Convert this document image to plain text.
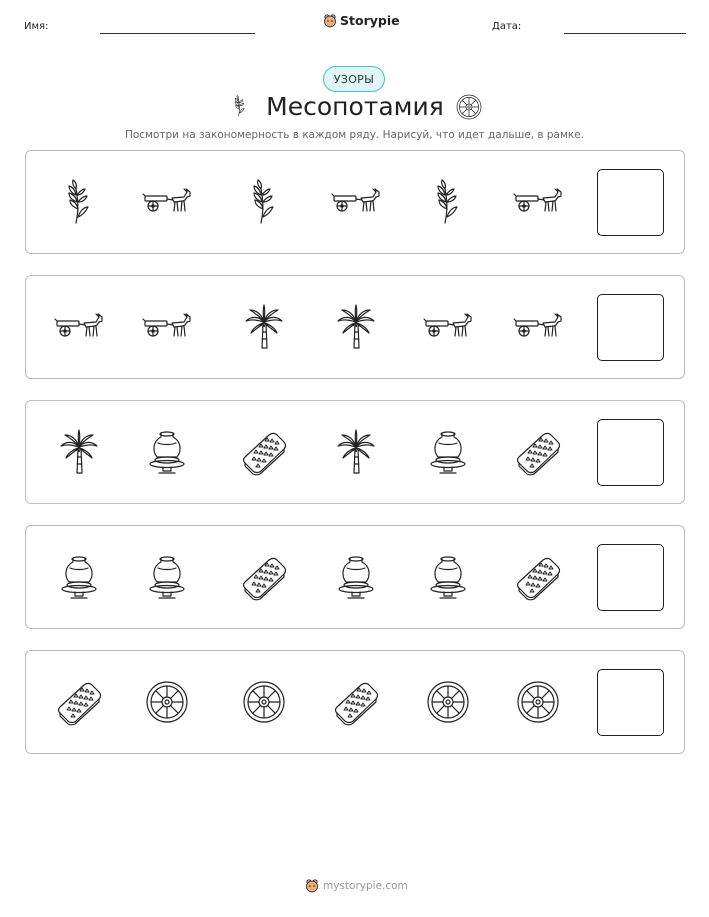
Имя:	Storypie	Дата:
УЗОРЫ
Месопотамия
Посмотри на закономерность в каждом ряду. Нарисуй, что идет дальше, в рамке.
mystorypie.com
